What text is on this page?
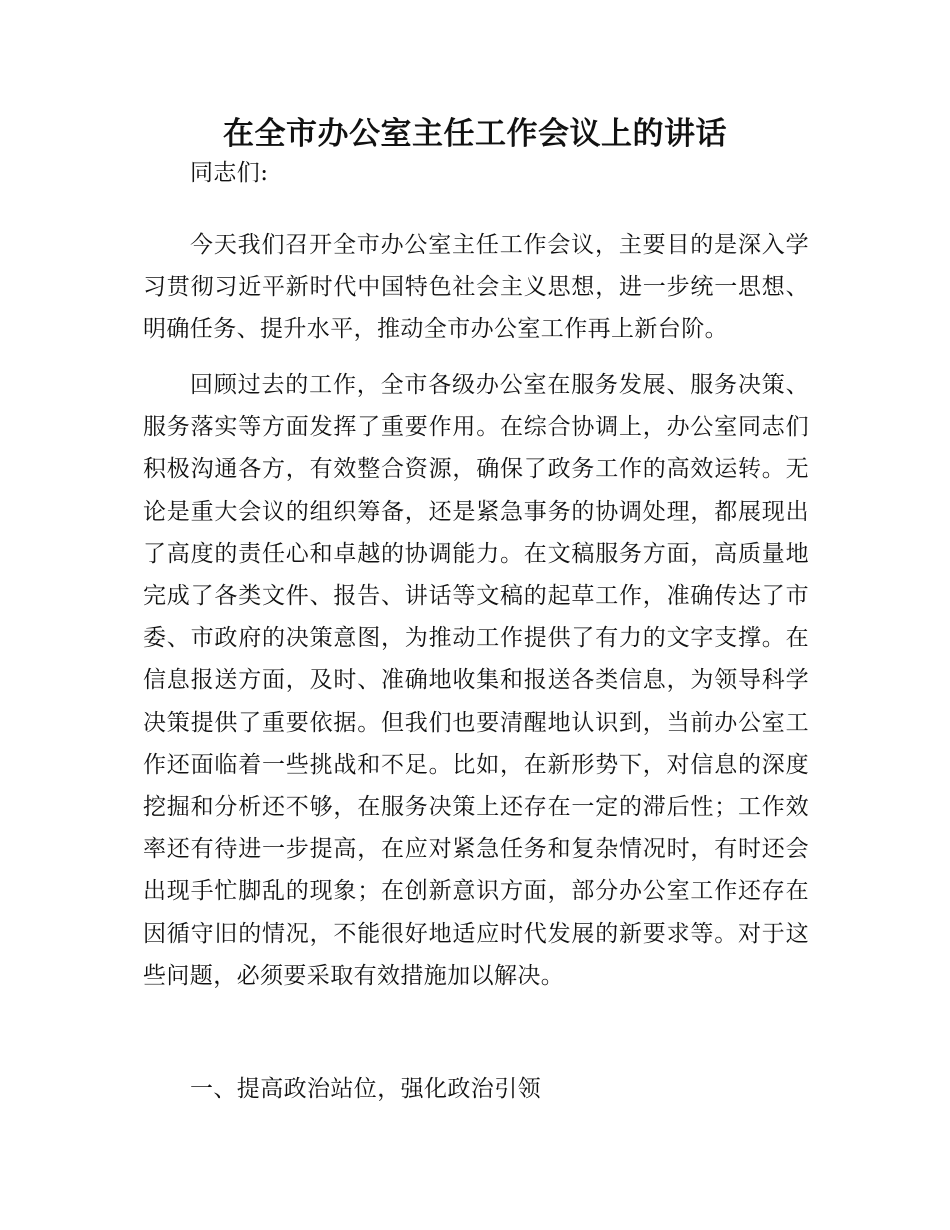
在全市办公室主任工作会议上的讲话

同志们:

今天我们召开全市办公室主任工作会议，主要目的是深入学习贯彻习近平新时代中国特色社会主义思想，进一步统一思想、明确任务、提升水平，推动全市办公室工作再上新台阶。

回顾过去的工作，全市各级办公室在服务发展、服务决策、服务落实等方面发挥了重要作用。在综合协调上，办公室同志们积极沟通各方，有效整合资源，确保了政务工作的高效运转。无论是重大会议的组织筹备，还是紧急事务的协调处理，都展现出了高度的责任心和卓越的协调能力。在文稿服务方面，高质量地完成了各类文件、报告、讲话等文稿的起草工作，准确传达了市委、市政府的决策意图，为推动工作提供了有力的文字支撑。在信息报送方面，及时、准确地收集和报送各类信息，为领导科学决策提供了重要依据。但我们也要清醒地认识到，当前办公室工作还面临着一些挑战和不足。比如，在新形势下，对信息的深度挖掘和分析还不够，在服务决策上还存在一定的滞后性；工作效率还有待进一步提高，在应对紧急任务和复杂情况时，有时还会出现手忙脚乱的现象；在创新意识方面，部分办公室工作还存在因循守旧的情况，不能很好地适应时代发展的新要求等。对于这些问题，必须要采取有效措施加以解决。

一、提高政治站位，强化政治引领
